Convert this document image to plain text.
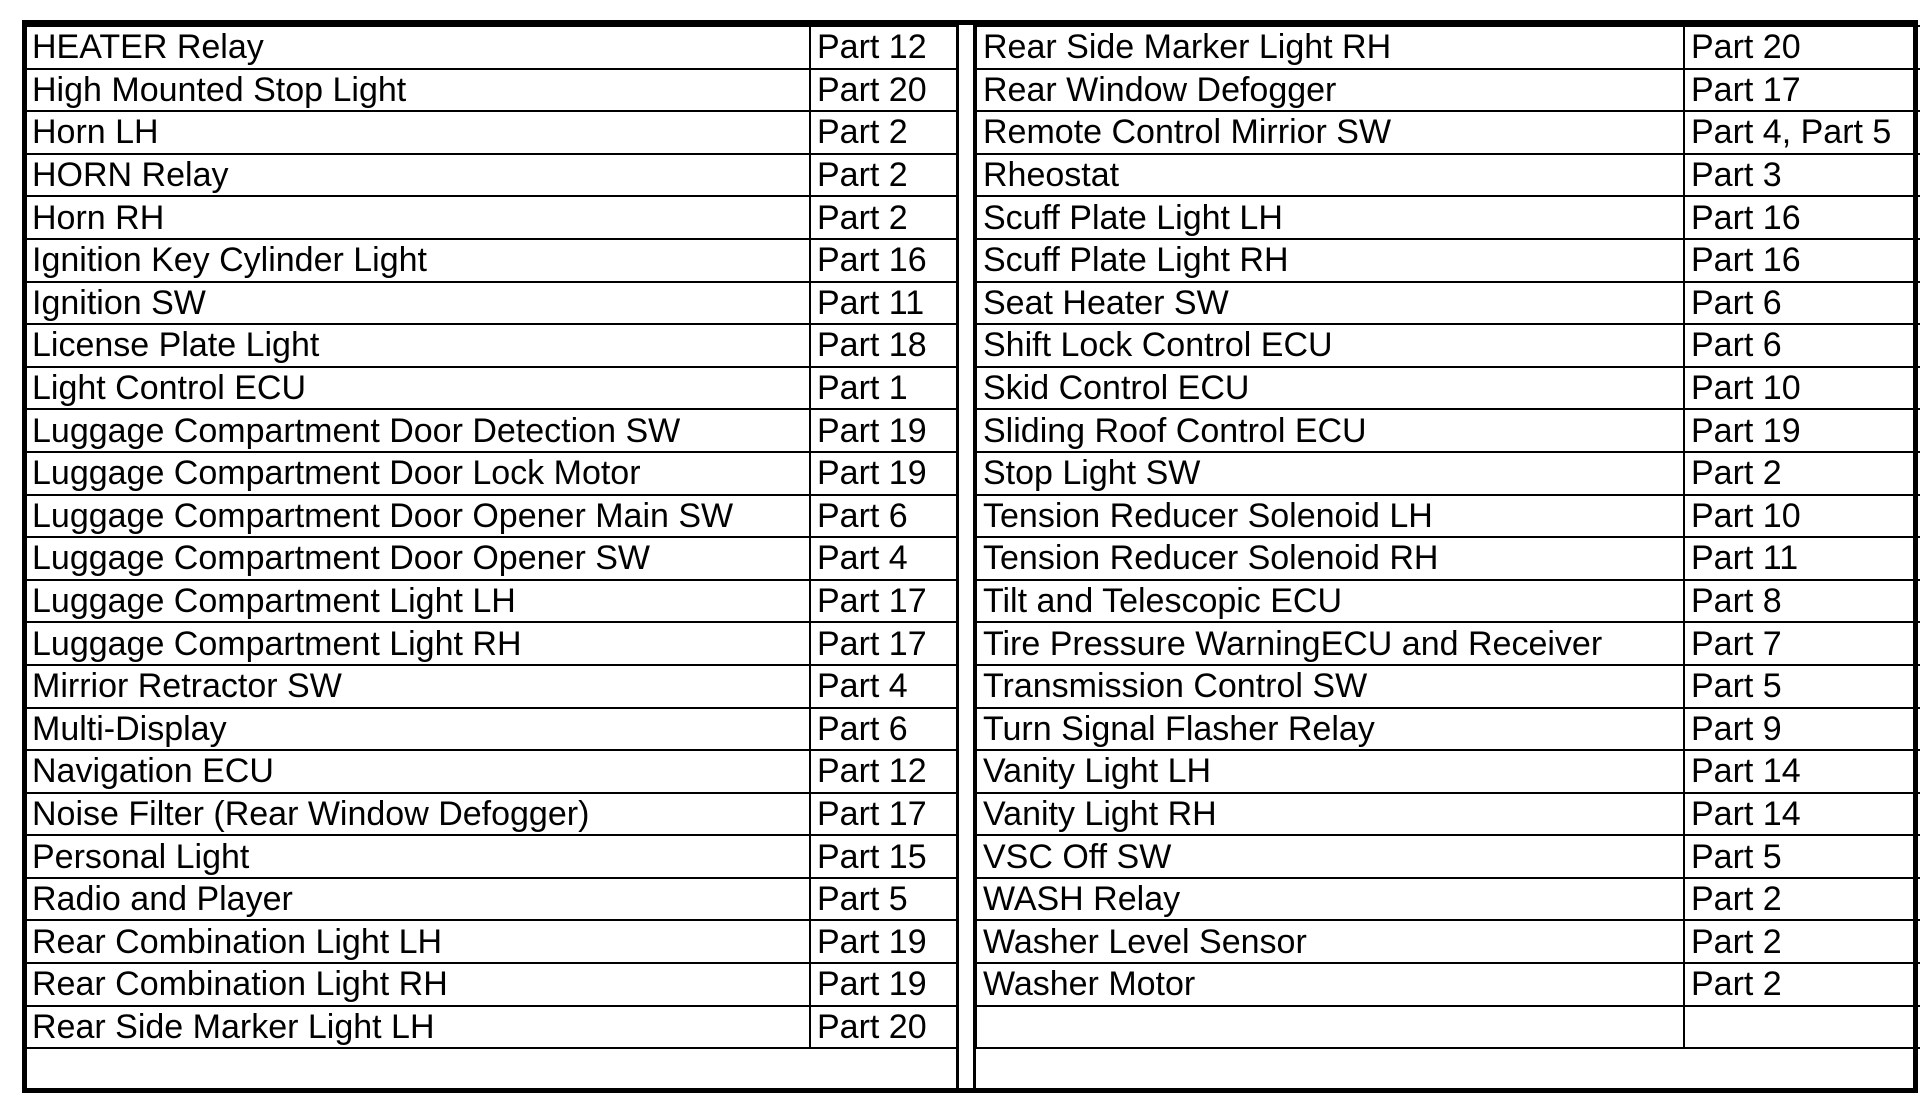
HEATER Relay	Part 12
High Mounted Stop Light	Part 20
Horn LH	Part 2
HORN Relay	Part 2
Horn RH	Part 2
Ignition Key Cylinder Light	Part 16
Ignition SW	Part 11
License Plate Light	Part 18
Light Control ECU	Part 1
Luggage Compartment Door Detection SW	Part 19
Luggage Compartment Door Lock Motor	Part 19
Luggage Compartment Door Opener Main SW	Part 6
Luggage Compartment Door Opener SW	Part 4
Luggage Compartment Light LH	Part 17
Luggage Compartment Light RH	Part 17
Mirrior Retractor SW	Part 4
Multi-Display	Part 6
Navigation ECU	Part 12
Noise Filter (Rear Window Defogger)	Part 17
Personal Light	Part 15
Radio and Player	Part 5
Rear Combination Light LH	Part 19
Rear Combination Light RH	Part 19
Rear Side Marker Light LH	Part 20
Rear Side Marker Light RH	Part 20
Rear Window Defogger	Part 17
Remote Control Mirrior SW	Part 4, Part 5
Rheostat	Part 3
Scuff Plate Light LH	Part 16
Scuff Plate Light RH	Part 16
Seat Heater SW	Part 6
Shift Lock Control ECU	Part 6
Skid Control ECU	Part 10
Sliding Roof Control ECU	Part 19
Stop Light SW	Part 2
Tension Reducer Solenoid LH	Part 10
Tension Reducer Solenoid RH	Part 11
Tilt and Telescopic ECU	Part 8
Tire Pressure WarningECU and Receiver	Part 7
Transmission Control SW	Part 5
Turn Signal Flasher Relay	Part 9
Vanity Light LH	Part 14
Vanity Light RH	Part 14
VSC Off SW	Part 5
WASH Relay	Part 2
Washer Level Sensor	Part 2
Washer Motor	Part 2
